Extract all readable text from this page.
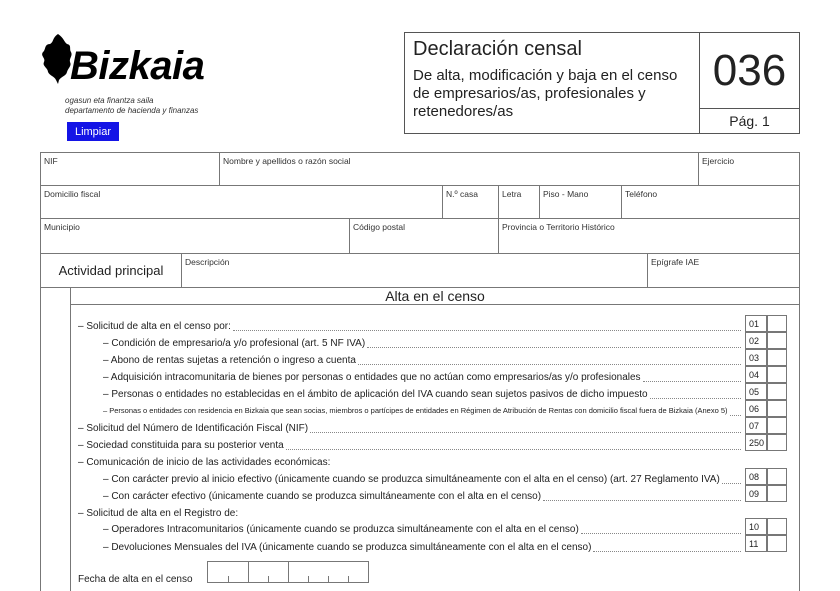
Bizkaia
ogasun eta finantza saila
departamento de hacienda y finanzas
Limpiar
Declaración censal
De alta, modificación y baja en el censo de empresarios/as, profesionales y retenedores/as
036
Pág. 1
NIF	Nombre y apellidos o razón social	Ejercicio
Domicilio fiscal	N.º casa	Letra	Piso - Mano	Teléfono
Municipio	Código postal	Provincia o Territorio Histórico
Actividad principal
Descripción	Epígrafe IAE
Alta en el censo
– Solicitud de alta en el censo por:	01
– Condición de empresario/a y/o profesional (art. 5 NF IVA)	02
– Abono de rentas sujetas a retención o ingreso a cuenta	03
– Adquisición intracomunitaria de bienes por personas o entidades que no actúan como empresarios/as y/o profesionales	04
– Personas o entidades no establecidas en el ámbito de aplicación del IVA cuando sean sujetos pasivos de dicho impuesto	05
– Personas o entidades con residencia en Bizkaia que sean socias, miembros o partícipes de entidades en Régimen de Atribución de Rentas con domicilio fiscal fuera de Bizkaia (Anexo 5)	06
– Solicitud del Número de Identificación Fiscal (NIF)	07
– Sociedad constituida para su posterior venta	250
– Comunicación de inicio de las actividades económicas:
– Con carácter previo al inicio efectivo (únicamente cuando se produzca simultáneamente con el alta en el censo) (art. 27 Reglamento IVA)	08
– Con carácter efectivo (únicamente cuando se produzca simultáneamente con el alta en el censo)	09
– Solicitud de alta en el Registro de:
– Operadores Intracomunitarios (únicamente cuando se produzca simultáneamente con el alta en el censo)	10
– Devoluciones Mensuales del IVA (únicamente cuando se produzca simultáneamente con el alta en el censo)	11
Fecha de alta en el censo
